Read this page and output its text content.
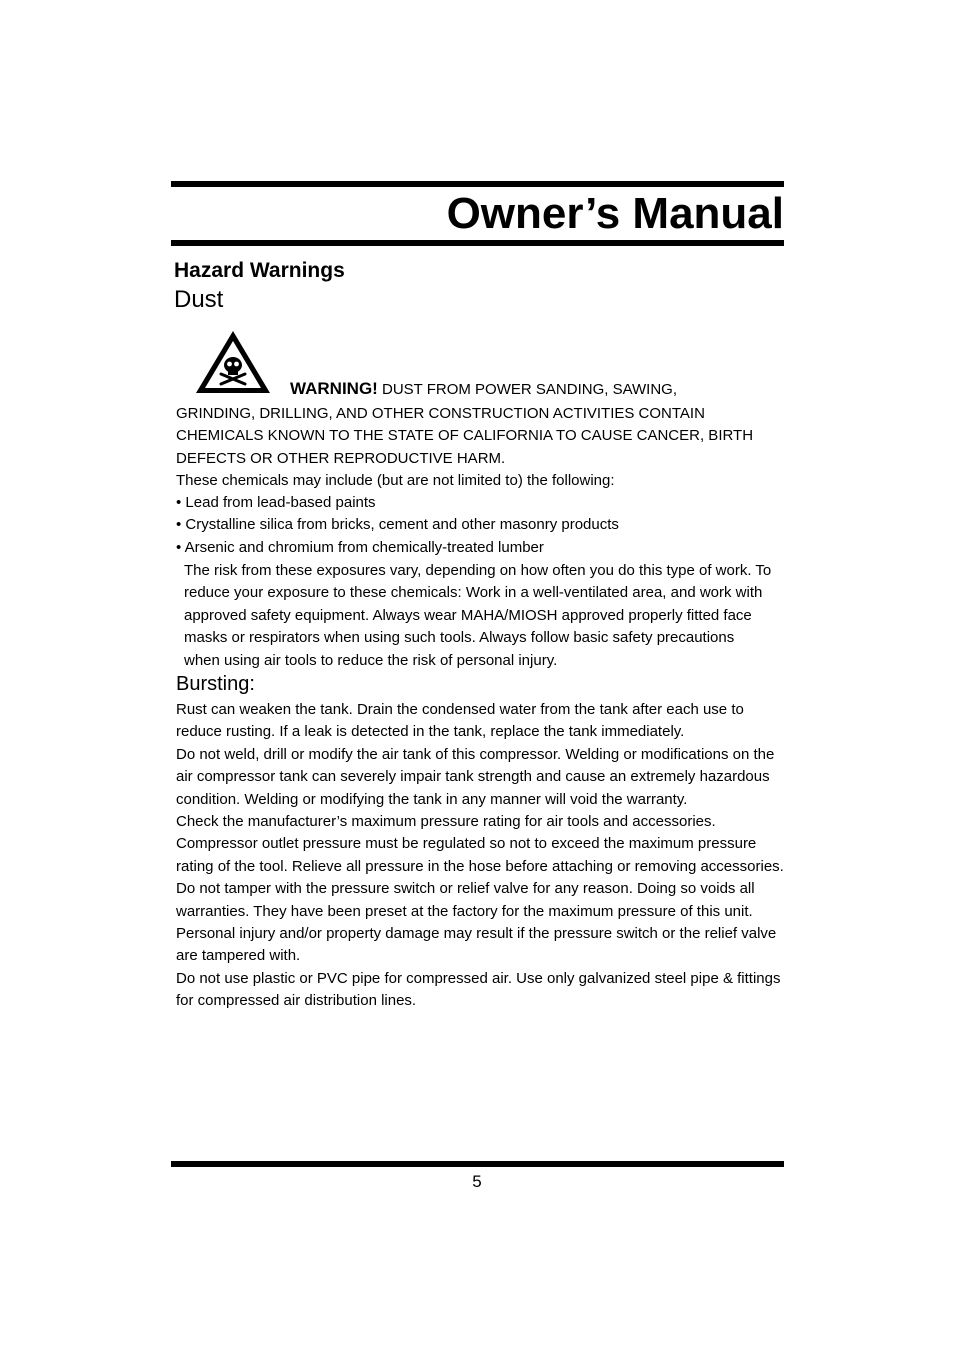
Owner’s Manual
Hazard Warnings
Dust

WARNING! DUST FROM POWER SANDING, SAWING,

GRINDING, DRILLING, AND OTHER CONSTRUCTION ACTIVITIES CONTAIN CHEMICALS KNOWN TO THE STATE OF CALIFORNIA TO CAUSE CANCER, BIRTH DEFECTS OR OTHER REPRODUCTIVE HARM.

These chemicals may include (but are not limited to) the following:

• Lead from lead-based paints
• Crystalline silica from bricks, cement and other masonry products
• Arsenic and chromium from chemically-treated lumber

The risk from these exposures vary, depending on how often you do this type of work. To reduce your exposure to these chemicals: Work in a well-ventilated area, and work with approved safety equipment. Always wear MAHA/MIOSH approved properly fitted face masks or respirators when using such tools. Always follow basic safety precautions when using air tools to reduce the risk of personal injury.

Bursting:

Rust can weaken the tank. Drain the condensed water from the tank after each use to reduce rusting. If a leak is detected in the tank, replace the tank immediately.

Do not weld, drill or modify the air tank of this compressor. Welding or modifications on the air compressor tank can severely impair tank strength and cause an extremely hazardous condition. Welding or modifying the tank in any manner will void the warranty.

Check the manufacturer’s maximum pressure rating for air tools and accessories. Compressor outlet pressure must be regulated so not to exceed the maximum pressure rating of the tool. Relieve all pressure in the hose before attaching or removing accessories.

Do not tamper with the pressure switch or relief valve for any reason. Doing so voids all warranties. They have been preset at the factory for the maximum pressure of this unit. Personal injury and/or property damage may result if the pressure switch or the relief valve are tampered with.

Do not use plastic or PVC pipe for compressed air. Use only galvanized steel pipe & fittings for compressed air distribution lines.

5
